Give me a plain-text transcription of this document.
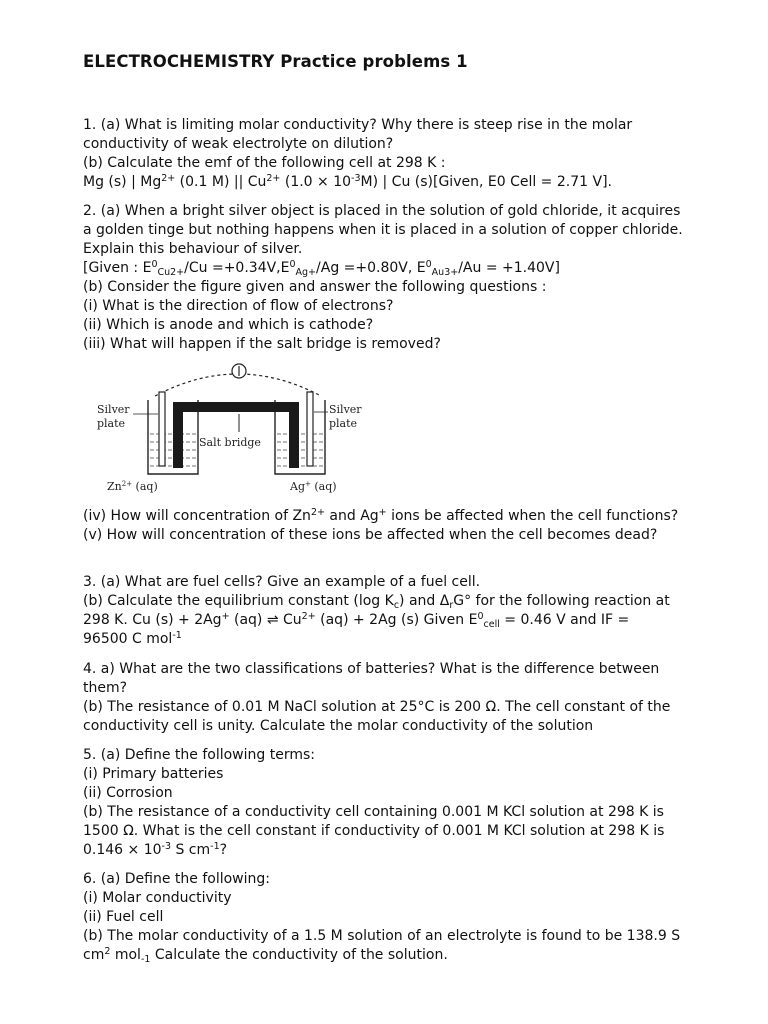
ELECTROCHEMISTRY Practice problems 1

1. (a) What is limiting molar conductivity? Why there is steep rise in the molar conductivity of weak electrolyte on dilution?

(b) Calculate the emf of the following cell at 298 K :

Mg (s) | $Mg^{2+}$ (0.1 M) || $Cu^{2+}$ $(1.0 \times 10^{-3}M)$ | Cu (s)[Given, E0 Cell = 2.71 V].

2. (a) When a bright silver object is placed in the solution of gold chloride, it acquires a golden tinge but nothing happens when it is placed in a solution of copper chloride. Explain this behaviour of silver.

[Given : $E^0_{Cu2+}/Cu =+0.34V,E^0_{Ag+}/Ag =+0.80V$, $E^0_{Au3+}/Au = +1.40V$]

(b) Consider the figure given and answer the following questions :

(i) What is the direction of flow of electrons?

(ii) Which is anode and which is cathode?

(iii) What will happen if the salt bridge is removed?

Silver
plate
Silver
plate
Salt bridge
$Zn^{2+}$ (aq)	Ag+ (aq)

(iv) How will concentration of $Zn^{2+}$ and Ag+ ions be affected when the cell functions?

(v) How will concentration of these ions be affected when the cell becomes dead?

3. (a) What are fuel cells? Give an example of a fuel cell.

(b) Calculate the equilibrium constant (log $K_c$) and $\Delta_rG^\circ$ for the following reaction at

298 K. Cu (s) + 2Ag+ (aq) ⇌ $Cu^{2+}$ (aq) + 2Ag (s) Given $E^0_{cell} = 0.46$ V and IF =

96500 C mol$^{-1}$

4. a) What are the two classifications of batteries? What is the difference between them?

(b) The resistance of 0.01 M NaCl solution at 25°C is 200 Ω. The cell constant of the conductivity cell is unity. Calculate the molar conductivity of the solution

5. (a) Define the following terms:

(i) Primary batteries

(ii) Corrosion

(b) The resistance of a conductivity cell containing 0.001 M KCl solution at 298 K is 1500 Ω. What is the cell constant if conductivity of 0.001 M KCl solution at 298 K is $0.146 \times 10^{-3}$ S $cm^{-1}$?

6. (a) Define the following:

(i) Molar conductivity

(ii) Fuel cell

(b) The molar conductivity of a 1.5 M solution of an electrolyte is found to be 138.9 S $cm^2$ mol$_{-1}$ Calculate the conductivity of the solution.
